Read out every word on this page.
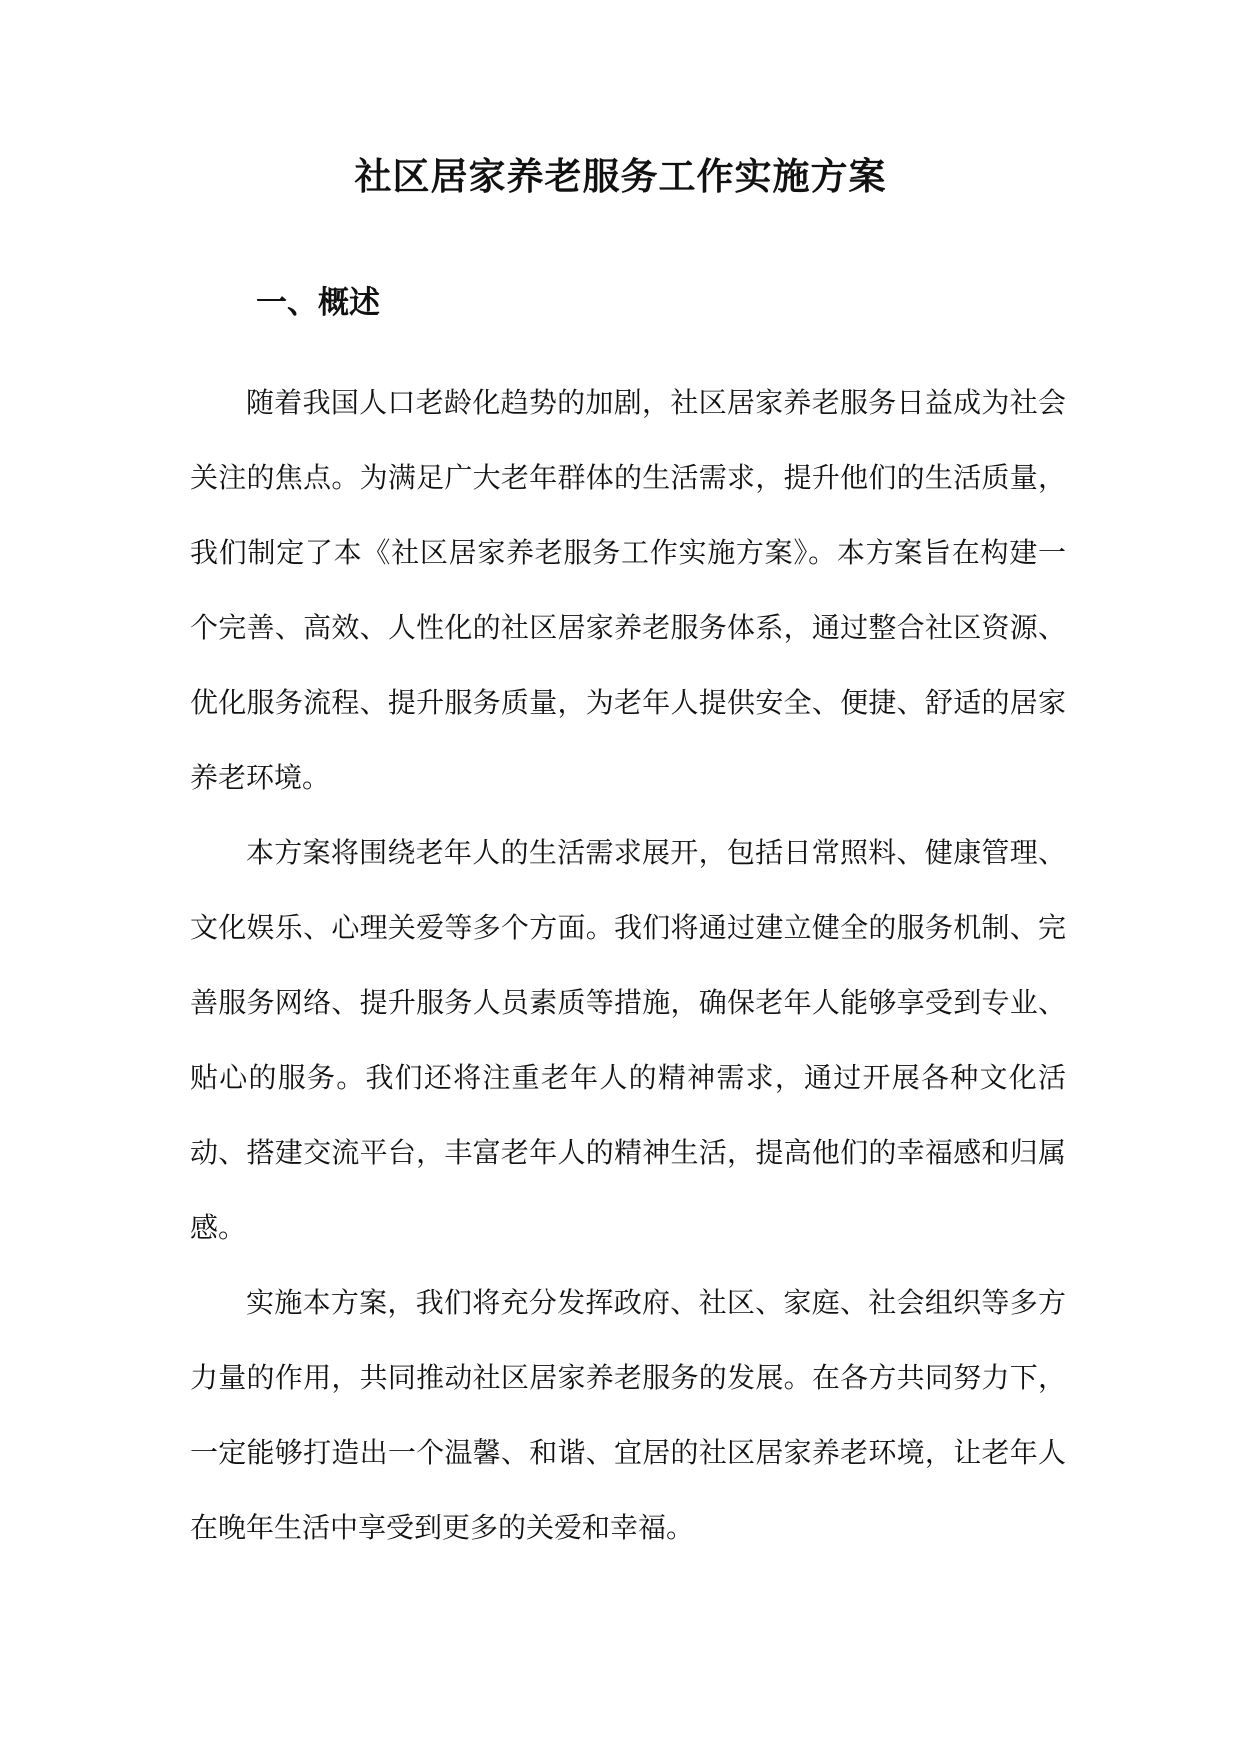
社区居家养老服务工作实施方案
一、概述

随着我国人口老龄化趋势的加剧，社区居家养老服务日益成为社会关注的焦点。为满足广大老年群体的生活需求，提升他们的生活质量，我们制定了本《社区居家养老服务工作实施方案》。本方案旨在构建一个完善、高效、人性化的社区居家养老服务体系，通过整合社区资源、优化服务流程、提升服务质量，为老年人提供安全、便捷、舒适的居家养老环境。

本方案将围绕老年人的生活需求展开，包括日常照料、健康管理、文化娱乐、心理关爱等多个方面。我们将通过建立健全的服务机制、完善服务网络、提升服务人员素质等措施，确保老年人能够享受到专业、贴心的服务。我们还将注重老年人的精神需求，通过开展各种文化活动、搭建交流平台，丰富老年人的精神生活，提高他们的幸福感和归属感。

实施本方案，我们将充分发挥政府、社区、家庭、社会组织等多方力量的作用，共同推动社区居家养老服务的发展。在各方共同努力下，一定能够打造出一个温馨、和谐、宜居的社区居家养老环境，让老年人在晚年生活中享受到更多的关爱和幸福。
